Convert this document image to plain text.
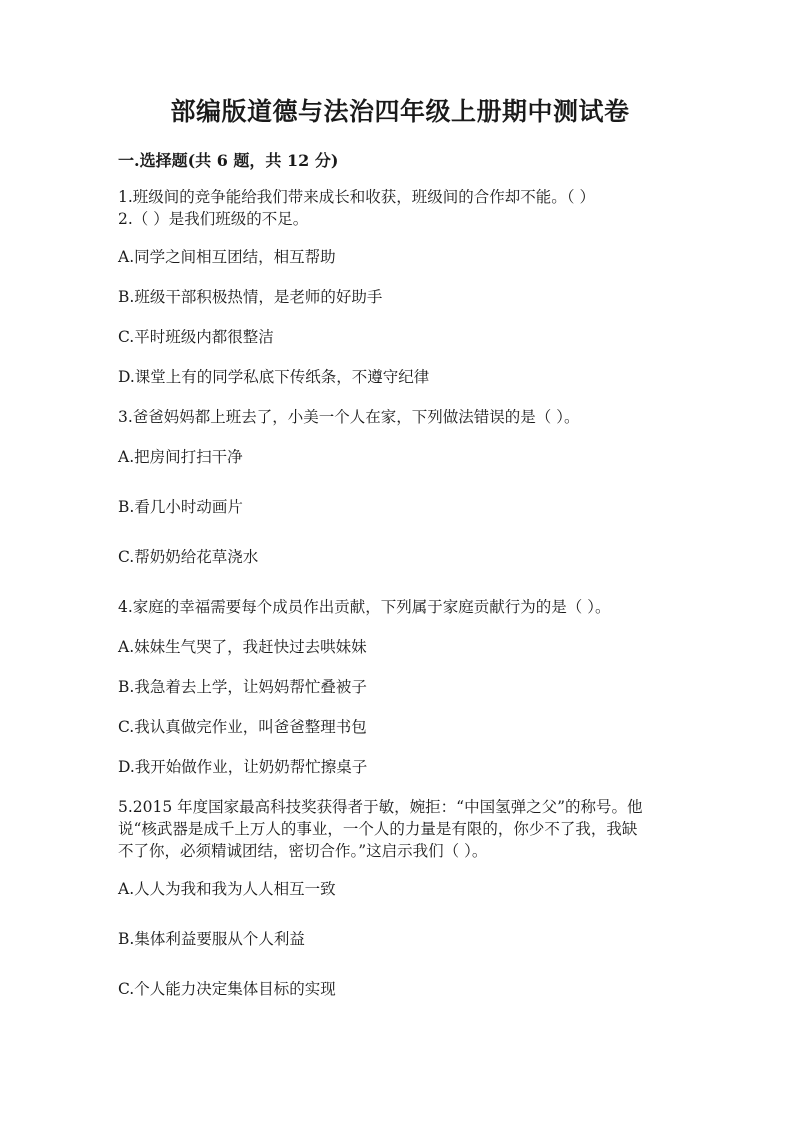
部编版道德与法治四年级上册期中测试卷
一.选择题(共 6 题，共 12 分)
1.班级间的竞争能给我们带来成长和收获，班级间的合作却不能。（ ）
2.（ ）是我们班级的不足。
A.同学之间相互团结，相互帮助
B.班级干部积极热情，是老师的好助手
C.平时班级内都很整洁
D.课堂上有的同学私底下传纸条，不遵守纪律
3.爸爸妈妈都上班去了，小美一个人在家，下列做法错误的是（ ）。
A.把房间打扫干净
B.看几小时动画片
C.帮奶奶给花草浇水
4.家庭的幸福需要每个成员作出贡献，下列属于家庭贡献行为的是（ ）。
A.妹妹生气哭了，我赶快过去哄妹妹
B.我急着去上学，让妈妈帮忙叠被子
C.我认真做完作业，叫爸爸整理书包
D.我开始做作业，让奶奶帮忙擦桌子
5.2015 年度国家最高科技奖获得者于敏，婉拒：“中国氢弹之父”的称号。他
说“核武器是成千上万人的事业，一个人的力量是有限的，你少不了我，我缺
不了你，必须精诚团结，密切合作。”这启示我们（ ）。
A.人人为我和我为人人相互一致
B.集体利益要服从个人利益
C.个人能力决定集体目标的实现
